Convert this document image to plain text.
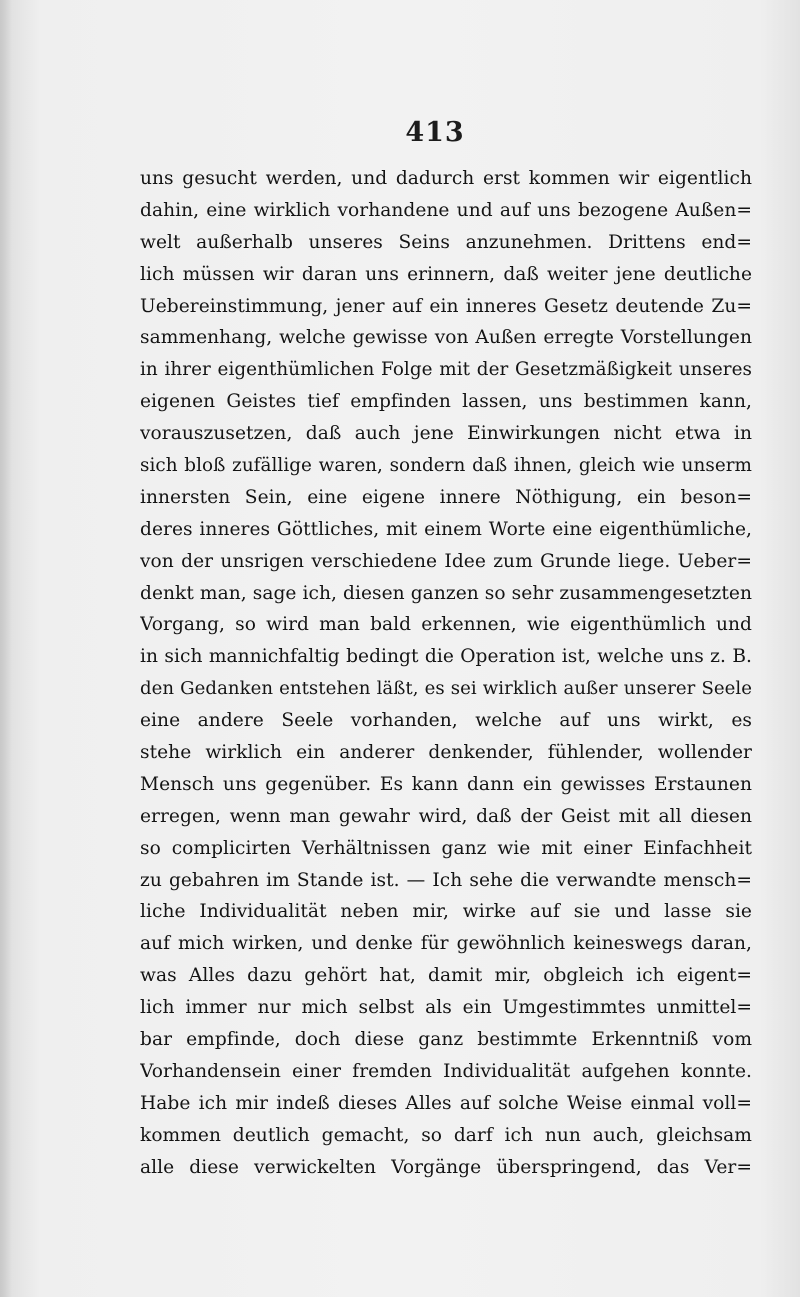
413
uns gesucht werden, und dadurch erst kommen wir eigentlich
dahin, eine wirklich vorhandene und auf uns bezogene Außen=
welt außerhalb unseres Seins anzunehmen. Drittens end=
lich müssen wir daran uns erinnern, daß weiter jene deutliche
Uebereinstimmung, jener auf ein inneres Gesetz deutende Zu=
sammenhang, welche gewisse von Außen erregte Vorstellungen
in ihrer eigenthümlichen Folge mit der Gesetzmäßigkeit unseres
eigenen Geistes tief empfinden lassen, uns bestimmen kann,
vorauszusetzen, daß auch jene Einwirkungen nicht etwa in
sich bloß zufällige waren, sondern daß ihnen, gleich wie unserm
innersten Sein, eine eigene innere Nöthigung, ein beson=
deres inneres Göttliches, mit einem Worte eine eigenthümliche,
von der unsrigen verschiedene Idee zum Grunde liege. Ueber=
denkt man, sage ich, diesen ganzen so sehr zusammengesetzten
Vorgang, so wird man bald erkennen, wie eigenthümlich und
in sich mannichfaltig bedingt die Operation ist, welche uns z. B.
den Gedanken entstehen läßt, es sei wirklich außer unserer Seele
eine andere Seele vorhanden, welche auf uns wirkt, es
stehe wirklich ein anderer denkender, fühlender, wollender
Mensch uns gegenüber. Es kann dann ein gewisses Erstaunen
erregen, wenn man gewahr wird, daß der Geist mit all diesen
so complicirten Verhältnissen ganz wie mit einer Einfachheit
zu gebahren im Stande ist. — Ich sehe die verwandte mensch=
liche Individualität neben mir, wirke auf sie und lasse sie
auf mich wirken, und denke für gewöhnlich keineswegs daran,
was Alles dazu gehört hat, damit mir, obgleich ich eigent=
lich immer nur mich selbst als ein Umgestimmtes unmittel=
bar empfinde, doch diese ganz bestimmte Erkenntniß vom
Vorhandensein einer fremden Individualität aufgehen konnte.
Habe ich mir indeß dieses Alles auf solche Weise einmal voll=
kommen deutlich gemacht, so darf ich nun auch, gleichsam
alle diese verwickelten Vorgänge überspringend, das Ver=
